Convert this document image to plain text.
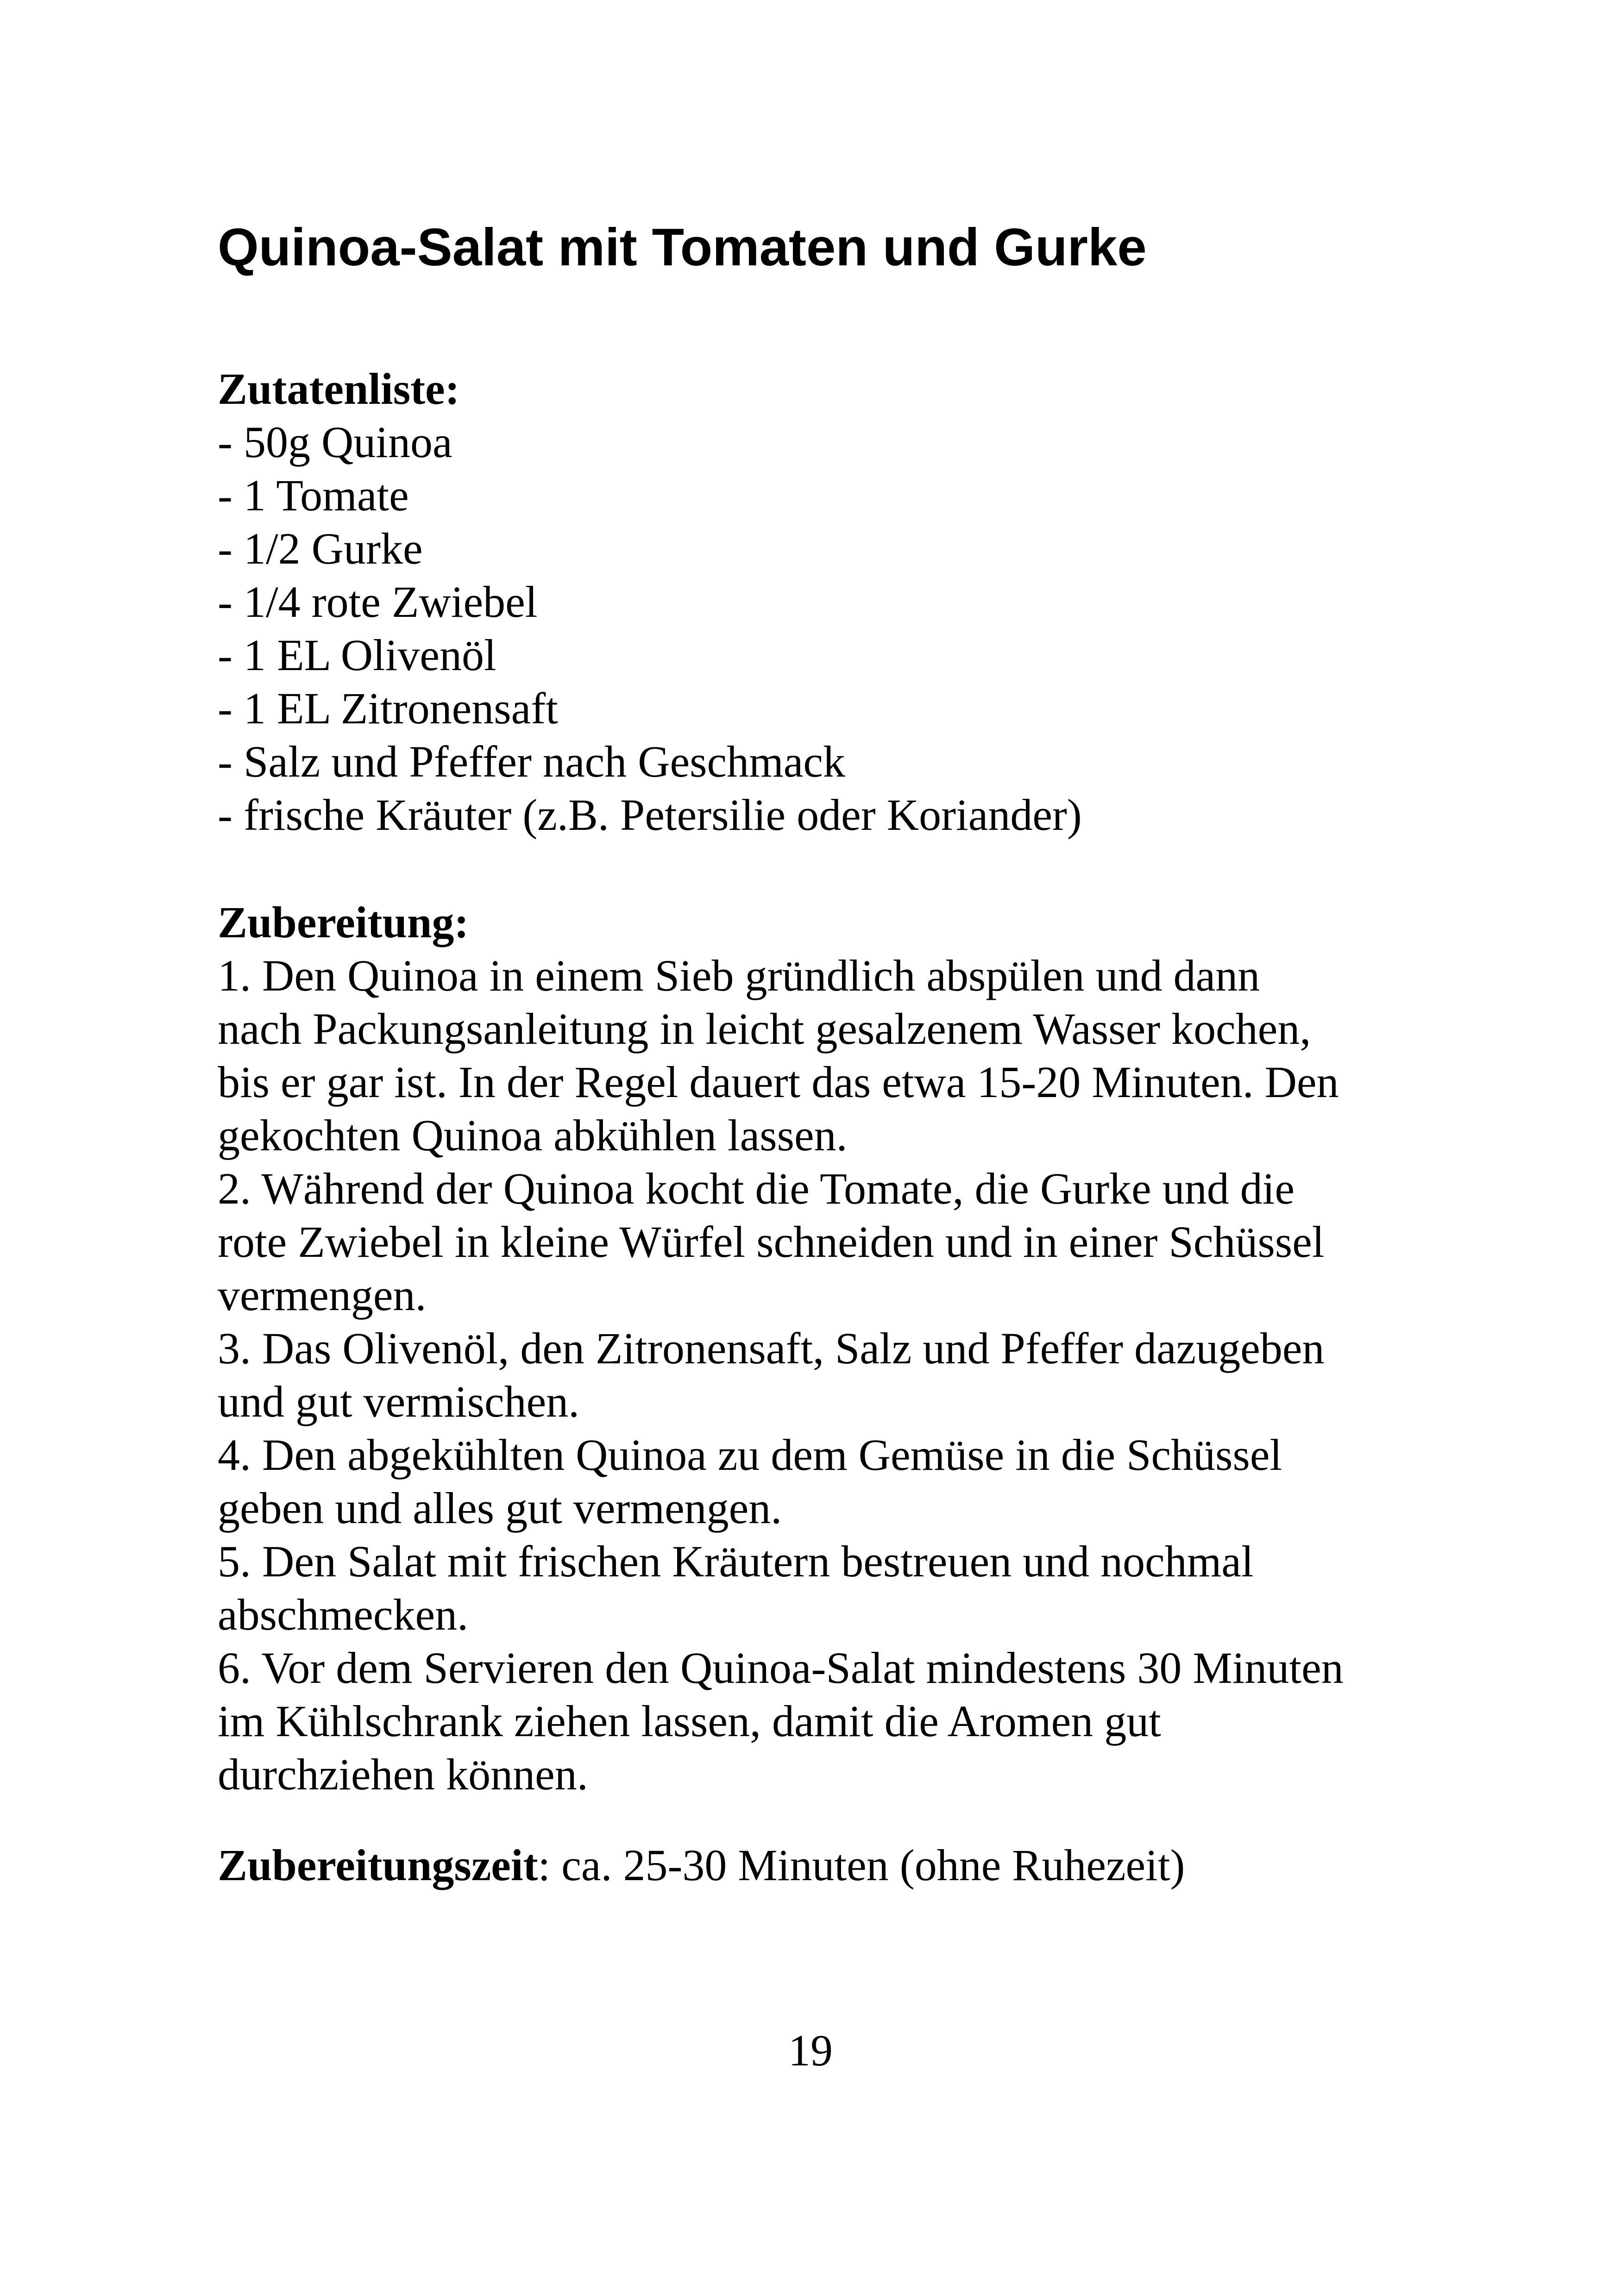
Quinoa-Salat mit Tomaten und Gurke
Zutatenliste:
- 50g Quinoa
- 1 Tomate
- 1/2 Gurke
- 1/4 rote Zwiebel
- 1 EL Olivenöl
- 1 EL Zitronensaft
- Salz und Pfeffer nach Geschmack
- frische Kräuter (z.B. Petersilie oder Koriander)
Zubereitung:
1. Den Quinoa in einem Sieb gründlich abspülen und dann
nach Packungsanleitung in leicht gesalzenem Wasser kochen,
bis er gar ist. In der Regel dauert das etwa 15-20 Minuten. Den
gekochten Quinoa abkühlen lassen.
2. Während der Quinoa kocht die Tomate, die Gurke und die
rote Zwiebel in kleine Würfel schneiden und in einer Schüssel
vermengen.
3. Das Olivenöl, den Zitronensaft, Salz und Pfeffer dazugeben
und gut vermischen.
4. Den abgekühlten Quinoa zu dem Gemüse in die Schüssel
geben und alles gut vermengen.
5. Den Salat mit frischen Kräutern bestreuen und nochmal
abschmecken.
6. Vor dem Servieren den Quinoa-Salat mindestens 30 Minuten
im Kühlschrank ziehen lassen, damit die Aromen gut
durchziehen können.
Zubereitungszeit: ca. 25-30 Minuten (ohne Ruhezeit)
19
